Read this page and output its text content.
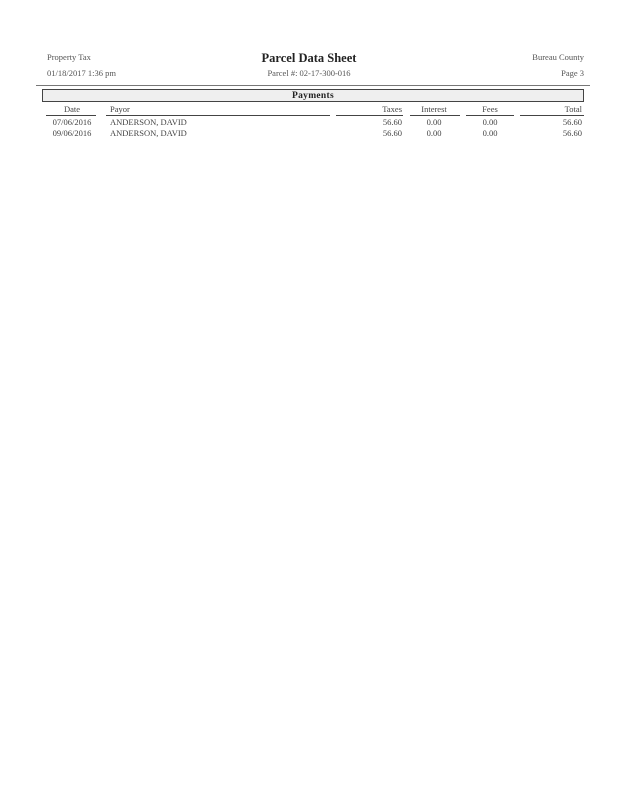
Property Tax
01/18/2017 1:36 pm
Parcel Data Sheet
Parcel #: 02-17-300-016
Bureau County
Page 3
Payments
Date	Payor	Taxes	Interest	Fees	Total
07/06/2016	ANDERSON, DAVID	56.60	0.00	0.00	56.60
09/06/2016	ANDERSON, DAVID	56.60	0.00	0.00	56.60
